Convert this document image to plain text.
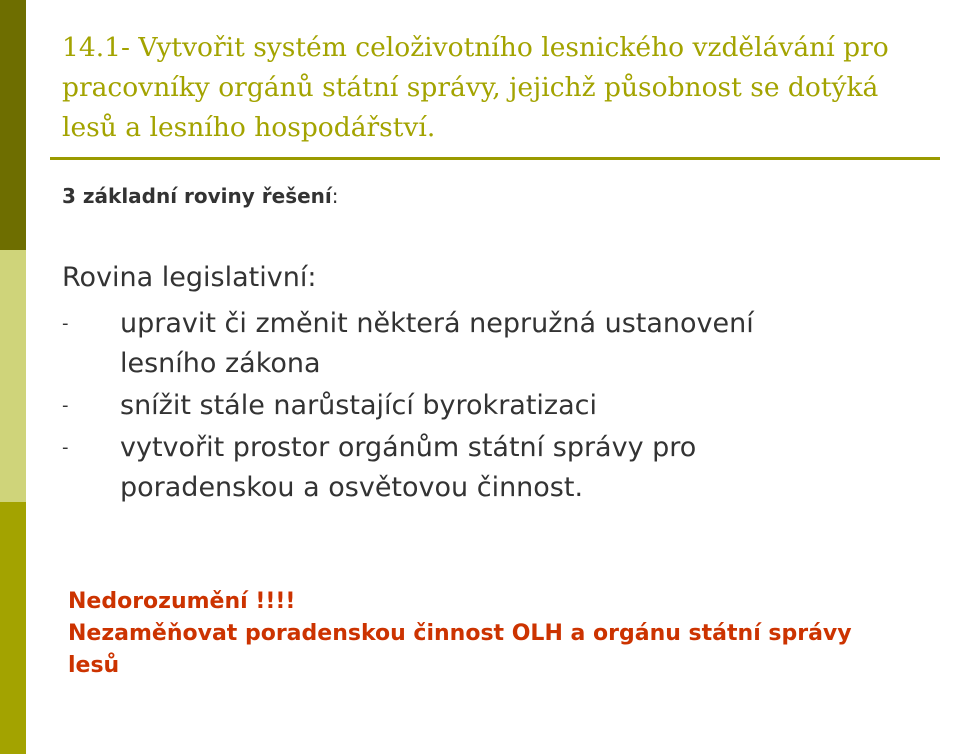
14.1- Vytvořit systém celoživotního lesnického vzdělávání pro
pracovníky orgánů státní správy, jejichž působnost se dotýká
lesů a lesního hospodářství.
3 základní roviny řešení:
Rovina legislativní:
- upravit či změnit některá nepružná ustanovení
lesního zákona
- snížit stále narůstající byrokratizaci
- vytvořit prostor orgánům státní správy pro
poradenskou a osvětovou činnost.
Nedorozumění !!!!
Nezaměňovat poradenskou činnost OLH a orgánu státní správy
lesů
